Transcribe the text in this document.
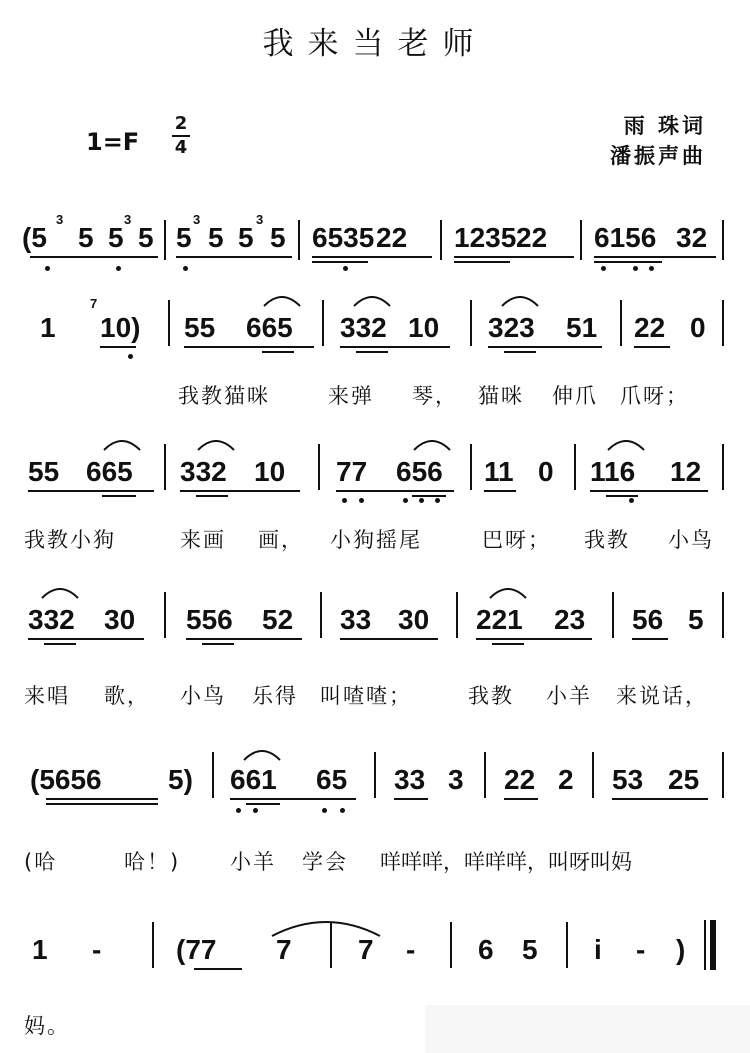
我来当老师
1=F
2
4
雨 珠词
潘振声曲
(5
3
5 5
3
5 5
3
5 5
3
5 6535 22 1235 22 6156 32
1
7
10) 55 665 332 10 323 51 22 0
我教猫咪	来弹 琴， 猫咪 伸爪 爪呀；
55 665 332 10 77 656 11 0 116 12
我教小狗	来画 画， 小狗摇尾	巴呀； 我教 小鸟
332 30 556 52 33 30 221 23 56 5
来唱 歌， 小鸟 乐得 叫喳喳；	我教 小羊 来说话，
(5656 5) 661 65 33 3 22 2 53 25
(哈	哈！) 小羊 学会 咩咩咩，咩咩咩，叫呀叫妈
1 -	(77 7 7 - 6 5 i - )
妈。
